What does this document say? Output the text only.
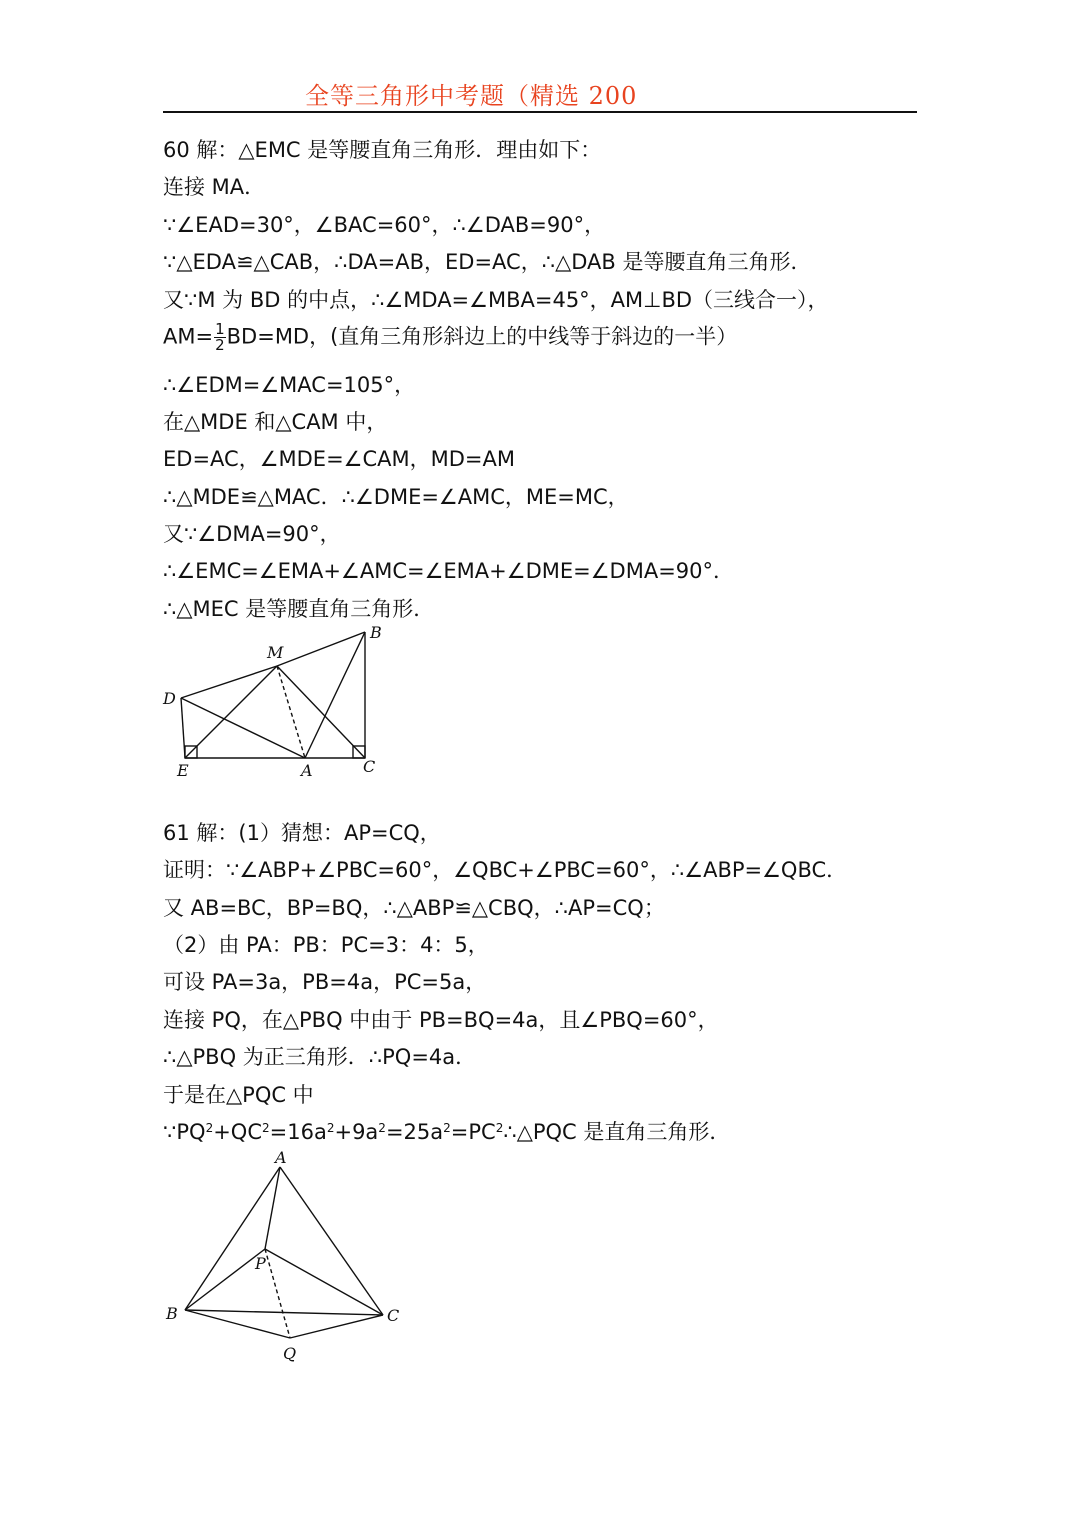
全等三角形中考题（精选 200
60 解：△EMC 是等腰直角三角形．理由如下：
连接 MA．
∵∠EAD=30°，∠BAC=60°，∴∠DAB=90°，
∵△EDA≌△CAB，∴DA=AB，ED=AC，∴△DAB 是等腰直角三角形．
又∵M 为 BD 的中点，∴∠MDA=∠MBA=45°，AM⊥BD（三线合一），
$AM= \frac{1}{2} BD=MD$，(直角三角形斜边上的中线等于斜边的一半）
∴∠EDM=∠MAC=105°，
在△MDE 和△CAM 中，
ED=AC，∠MDE=∠CAM，MD=AM
∴△MDE≌△MAC．∴∠DME=∠AMC，ME=MC，
又∵∠DMA=90°，
∴∠EMC=∠EMA+∠AMC=∠EMA+∠DME=∠DMA=90°．
∴△MEC 是等腰直角三角形．
B
M
D
E	A	C
61 解：(1）猜想：AP=CQ，
证明：∵∠ABP+∠PBC=60°，∠QBC+∠PBC=60°，∴∠ABP=∠QBC．
又 AB=BC，BP=BQ，∴△ABP≌△CBQ，∴AP=CQ；
（2）由 PA：PB：PC=3：4：5，
可设 PA=3a，PB=4a，PC=5a，
连接 PQ，在△PBQ 中由于 PB=BQ=4a，且∠PBQ=60°，
∴△PBQ 为正三角形．∴PQ=4a．
于是在△PQC 中
$\because PQ^2+QC^2=16a^2+9a^2=25a^2=PC^2\therefore\triangle PQC$ 是直角三角形．
A
P
B	C
Q
